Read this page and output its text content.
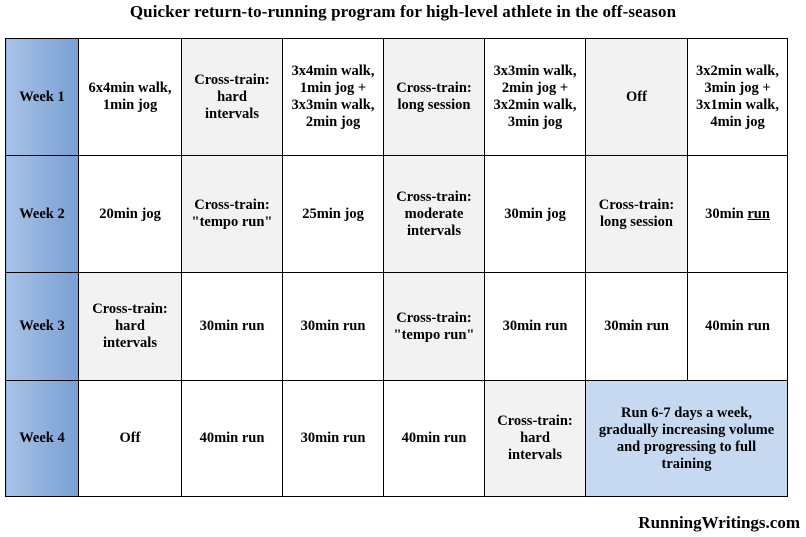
Quicker return-to-running program for high-level athlete in the off-season
Week 1	6x4min walk,
1min jog	Cross-train:
hard
intervals	3x4min walk,
1min jog +
3x3min walk,
2min jog	Cross-train:
long session	3x3min walk,
2min jog +
3x2min walk,
3min jog	Off	3x2min walk,
3min jog +
3x1min walk,
4min jog
Week 2	20min jog	Cross-train:
"tempo run"	25min jog	Cross-train:
moderate
intervals	30min jog	Cross-train:
long session	30min run
Week 3	Cross-train:
hard
intervals	30min run	30min run	Cross-train:
"tempo run"	30min run	30min run	40min run
Week 4	Off	40min run	30min run	40min run	Cross-train:
hard
intervals	Run 6-7 days a week,
gradually increasing volume
and progressing to full
training	
RunningWritings.com
